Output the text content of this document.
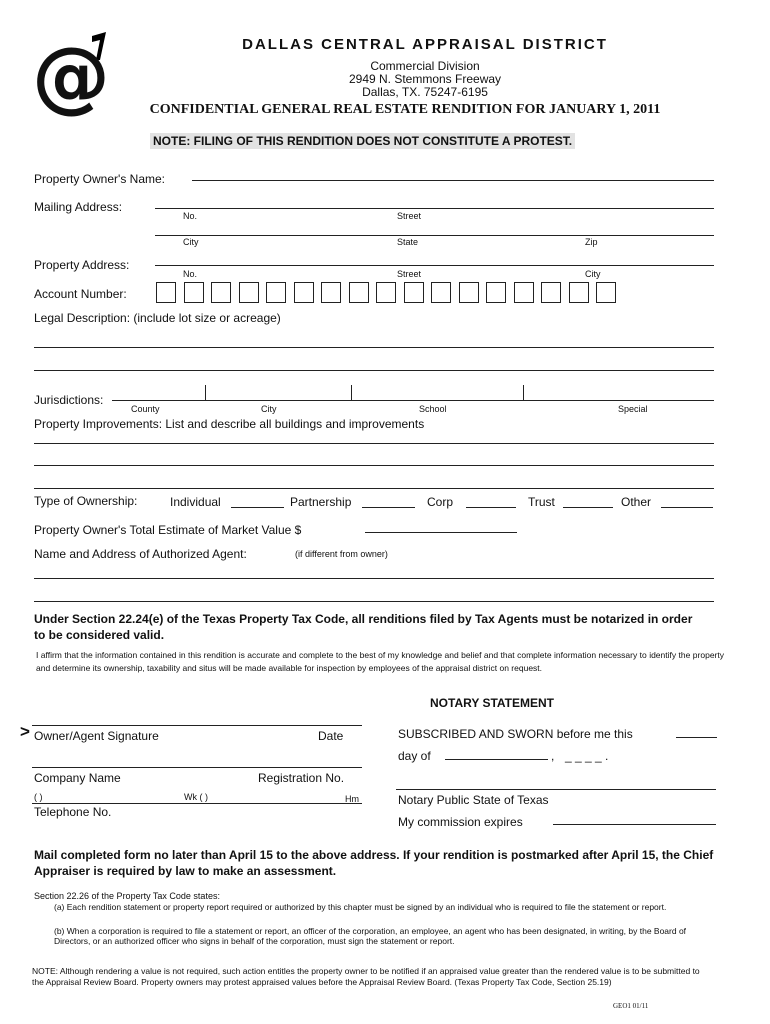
@	DALLAS CENTRAL APPRAISAL DISTRICT
Commercial Division
2949 N. Stemmons Freeway
Dallas, TX. 75247-6195
CONFIDENTIAL GENERAL REAL ESTATE RENDITION FOR JANUARY 1, 2011
NOTE: FILING OF THIS RENDITION DOES NOT CONSTITUTE A PROTEST.
Property Owner's Name:
Mailing Address:
No.	Street
City	State	Zip
Property Address:
No.	Street	City
Account Number:
Legal Description: (include lot size or acreage)
Jurisdictions:
County	City	School	Special
Property Improvements: List and describe all buildings and improvements
Type of Ownership:	Individual	Partnership	Corp	Trust	Other
Property Owner's Total Estimate of Market Value $
Name and Address of Authorized Agent:	(if different from owner)
Under Section 22.24(e) of the Texas Property Tax Code, all renditions filed by Tax Agents must be notarized in order to be considered valid.
I affirm that the information contained in this rendition is accurate and complete to the best of my knowledge and belief and that complete information necessary to identify the property and determine its ownership, taxability and situs will be made available for inspection by employees of the appraisal district on request.
NOTARY STATEMENT
> Owner/Agent Signature	Date
Company Name	Registration No.
( )	Wk ( )	Hm
Telephone No.
SUBSCRIBED AND SWORN before me this
day of	, _ _ _ _ .
Notary Public State of Texas
My commission expires
Mail completed form no later than April 15 to the above address. If your rendition is postmarked after April 15, the Chief Appraiser is required by law to make an assessment.
Section 22.26 of the Property Tax Code states:
(a) Each rendition statement or property report required or authorized by this chapter must be signed by an individual who is required to file the statement or report.
(b) When a corporation is required to file a statement or report, an officer of the corporation, an employee, an agent who has been designated, in writing, by the Board of Directors, or an authorized officer who signs in behalf of the corporation, must sign the statement or report.
NOTE: Although rendering a value is not required, such action entitles the property owner to be notified if an appraised value greater than the rendered value is to be submitted to the Appraisal Review Board. Property owners may protest appraised values before the Appraisal Review Board. (Texas Property Tax Code, Section 25.19)
GEO1 01/11
